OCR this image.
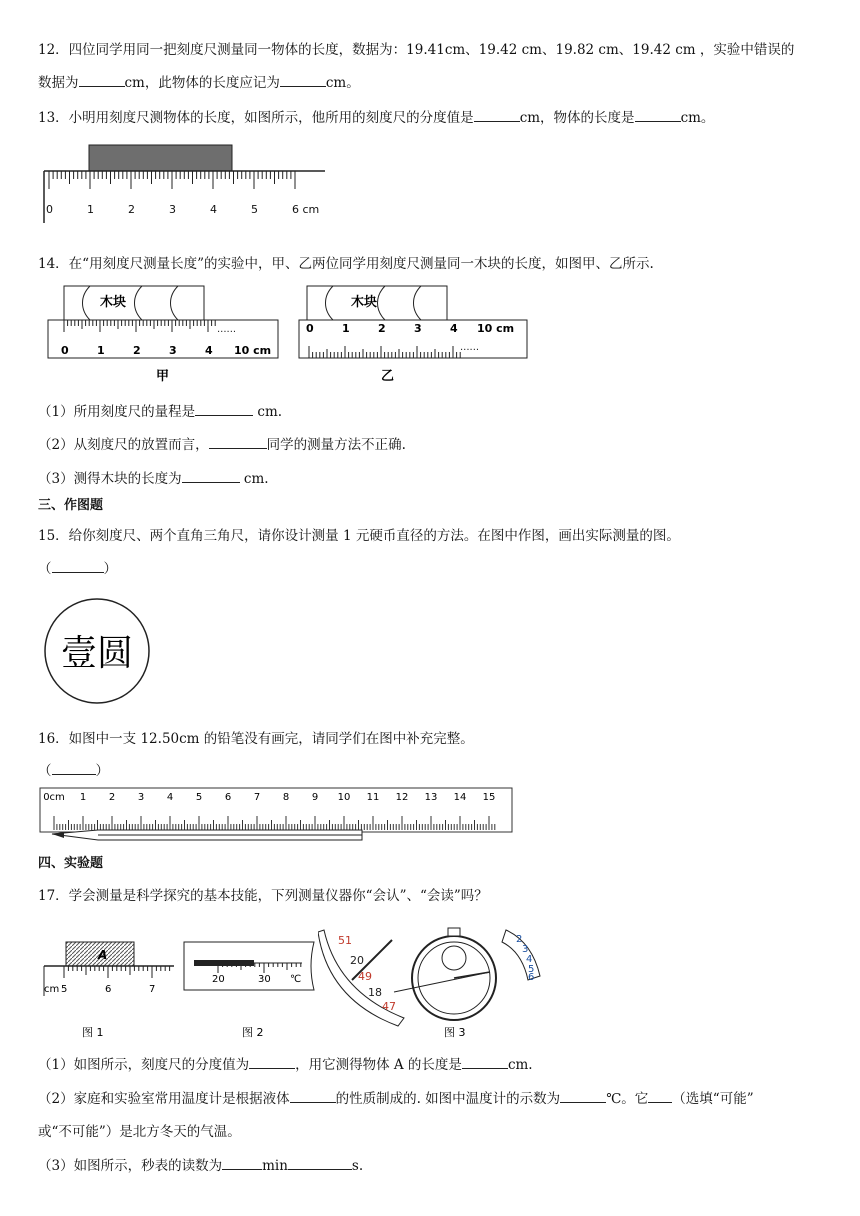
12．四位同学用同一把刻度尺测量同一物体的长度，数据为：19.41cm、19.42 cm、19.82 cm、19.42 cm ，实验中错误的
数据为	cm，此物体的长度应记为	cm。
13．小明用刻度尺测物体的长度，如图所示，他所用的刻度尺的分度值是	cm，物体的长度是	cm。
0	1	2	3	4	5	6 cm
14．在“用刻度尺测量长度”的实验中，甲、乙两位同学用刻度尺测量同一木块的长度，如图甲、乙所示.
木块
......
0	1	2	3	4 10 cm
甲
木块
......
0	1	2	3	4 10 cm
乙
（1）所用刻度尺的量程是	cm.
（2）从刻度尺的放置而言，	同学的测量方法不正确.
（3）测得木块的长度为	cm.
三、作图题
15．给你刻度尺、两个直角三角尺，请你设计测量 1 元硬币直径的方法。在图中作图，画出实际测量的图。
（	）
壹圆
16．如图中一支 12.50cm 的铅笔没有画完，请同学们在图中补充完整。
（	）
0cm 1 2 3 4 5 6 7 8 9 10 11 12 13 14 15
四、实验题
17．学会测量是科学探究的基本技能，下列测量仪器你“会认”、“会读”吗？
A
5	6	7
cm
图 1
20	30 ℃
图 2
51
20
49
18
47
2
3
4
5
6
图 3
（1）如图所示，刻度尺的分度值为	，用它测得物体 A 的长度是	cm.
（2）家庭和实验室常用温度计是根据液体	的性质制成的. 如图中温度计的示数为	℃。它 （选填“可能”
或“不可能”）是北方冬天的气温。
（3）如图所示，秒表的读数为	min	s.
